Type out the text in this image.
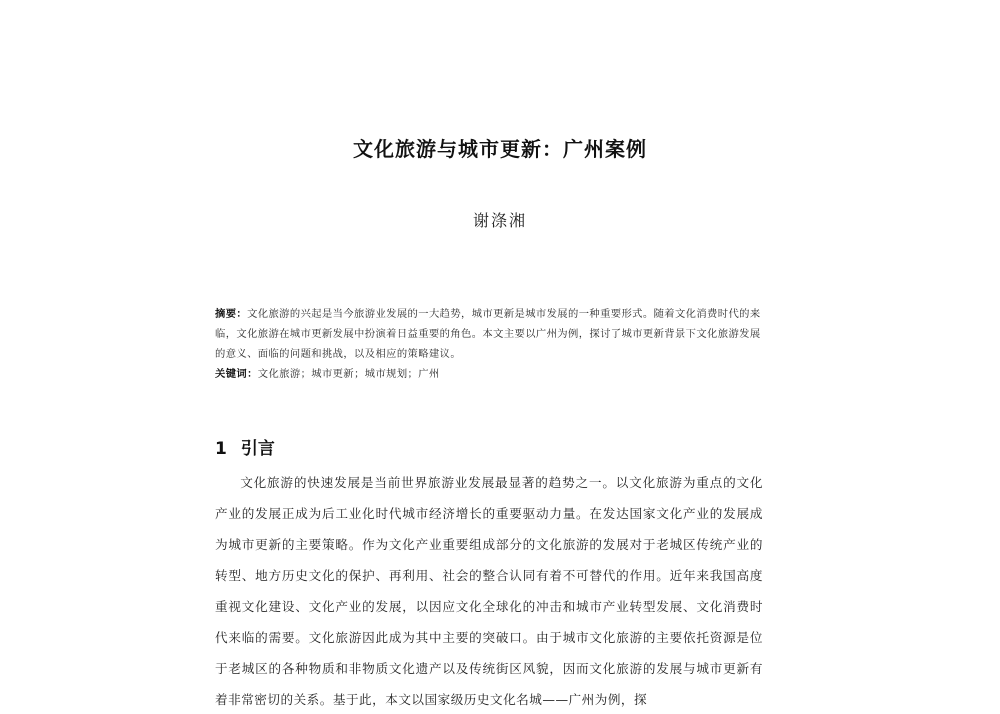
文化旅游与城市更新：广州案例
谢涤湘
摘要：文化旅游的兴起是当今旅游业发展的一大趋势，城市更新是城市发展的一种重要形式。随着文化消费时代的来临，文化旅游在城市更新发展中扮演着日益重要的角色。本文主要以广州为例，探讨了城市更新背景下文化旅游发展的意义、面临的问题和挑战，以及相应的策略建议。
关键词：文化旅游；城市更新；城市规划；广州
1 引言

文化旅游的快速发展是当前世界旅游业发展最显著的趋势之一。以文化旅游为重点的文化产业的发展正成为后工业化时代城市经济增长的重要驱动力量。在发达国家文化产业的发展成为城市更新的主要策略。作为文化产业重要组成部分的文化旅游的发展对于老城区传统产业的转型、地方历史文化的保护、再利用、社会的整合认同有着不可替代的作用。近年来我国高度重视文化建设、文化产业的发展，以因应文化全球化的冲击和城市产业转型发展、文化消费时代来临的需要。文化旅游因此成为其中主要的突破口。由于城市文化旅游的主要依托资源是位于老城区的各种物质和非物质文化遗产以及传统街区风貌，因而文化旅游的发展与城市更新有着非常密切的关系。基于此，本文以国家级历史文化名城——广州为例，探
